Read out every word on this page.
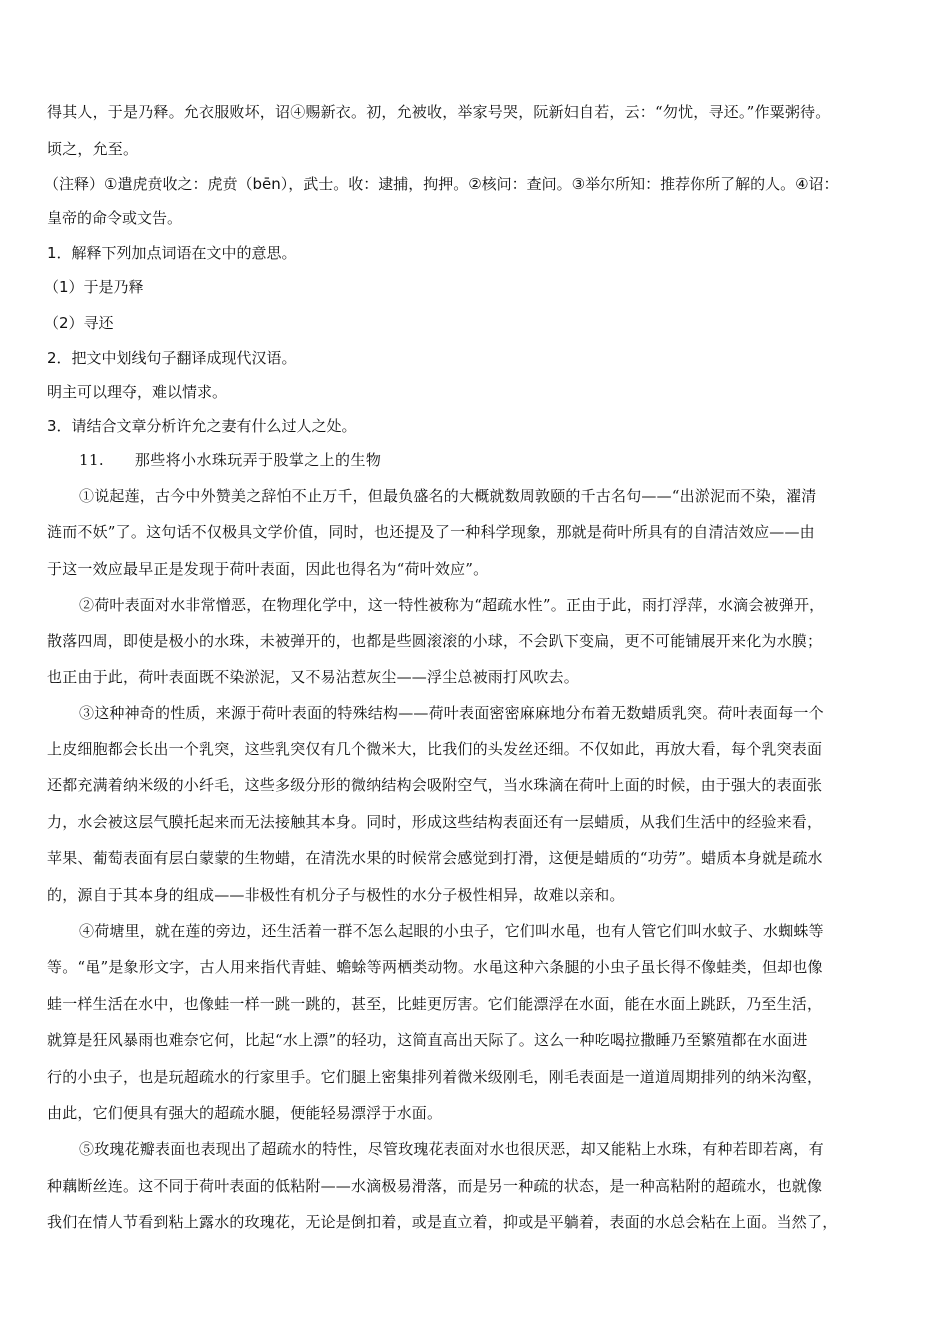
得其人，于是乃释。允衣服败坏，诏④赐新衣。初，允被收，举家号哭，阮新妇自若，云：“勿忧，寻还。”作粟粥待。
顷之，允至。
（注释）①遣虎贲收之：虎贲（bēn），武士。收：逮捕，拘押。②核问：查问。③举尔所知：推荐你所了解的人。④诏：
皇帝的命令或文告。
1．解释下列加点词语在文中的意思。
（1）于是乃释
（2）寻还
2．把文中划线句子翻译成现代汉语。
明主可以理夺，难以情求。
3．请结合文章分析许允之妻有什么过人之处。
11.　　那些将小水珠玩弄于股掌之上的生物
①说起莲，古今中外赞美之辞怕不止万千，但最负盛名的大概就数周敦颐的千古名句——“出淤泥而不染，濯清
涟而不妖”了。这句话不仅极具文学价值，同时，也还提及了一种科学现象，那就是荷叶所具有的自清洁效应——由
于这一效应最早正是发现于荷叶表面，因此也得名为“荷叶效应”。
②荷叶表面对水非常憎恶，在物理化学中，这一特性被称为“超疏水性”。正由于此，雨打浮萍，水滴会被弹开，
散落四周，即使是极小的水珠，未被弹开的，也都是些圆滚滚的小球，不会趴下变扁，更不可能铺展开来化为水膜；
也正由于此，荷叶表面既不染淤泥，又不易沾惹灰尘——浮尘总被雨打风吹去。
③这种神奇的性质，来源于荷叶表面的特殊结构——荷叶表面密密麻麻地分布着无数蜡质乳突。荷叶表面每一个
上皮细胞都会长出一个乳突，这些乳突仅有几个微米大，比我们的头发丝还细。不仅如此，再放大看，每个乳突表面
还都充满着纳米级的小纤毛，这些多级分形的微纳结构会吸附空气，当水珠滴在荷叶上面的时候，由于强大的表面张
力，水会被这层气膜托起来而无法接触其本身。同时，形成这些结构表面还有一层蜡质，从我们生活中的经验来看，
苹果、葡萄表面有层白蒙蒙的生物蜡，在清洗水果的时候常会感觉到打滑，这便是蜡质的“功劳”。蜡质本身就是疏水
的，源自于其本身的组成——非极性有机分子与极性的水分子极性相异，故难以亲和。
④荷塘里，就在莲的旁边，还生活着一群不怎么起眼的小虫子，它们叫水黾，也有人管它们叫水蚊子、水蜘蛛等
等。“黾”是象形文字，古人用来指代青蛙、蟾蜍等两栖类动物。水黾这种六条腿的小虫子虽长得不像蛙类，但却也像
蛙一样生活在水中，也像蛙一样一跳一跳的，甚至，比蛙更厉害。它们能漂浮在水面，能在水面上跳跃，乃至生活，
就算是狂风暴雨也难奈它何，比起“水上漂”的轻功，这简直高出天际了。这么一种吃喝拉撒睡乃至繁殖都在水面进
行的小虫子，也是玩超疏水的行家里手。它们腿上密集排列着微米级刚毛，刚毛表面是一道道周期排列的纳米沟壑，
由此，它们便具有强大的超疏水腿，便能轻易漂浮于水面。
⑤玫瑰花瓣表面也表现出了超疏水的特性，尽管玫瑰花表面对水也很厌恶，却又能粘上水珠，有种若即若离，有
种藕断丝连。这不同于荷叶表面的低粘附——水滴极易滑落，而是另一种疏的状态，是一种高粘附的超疏水，也就像
我们在情人节看到粘上露水的玫瑰花，无论是倒扣着，或是直立着，抑或是平躺着，表面的水总会粘在上面。当然了，
